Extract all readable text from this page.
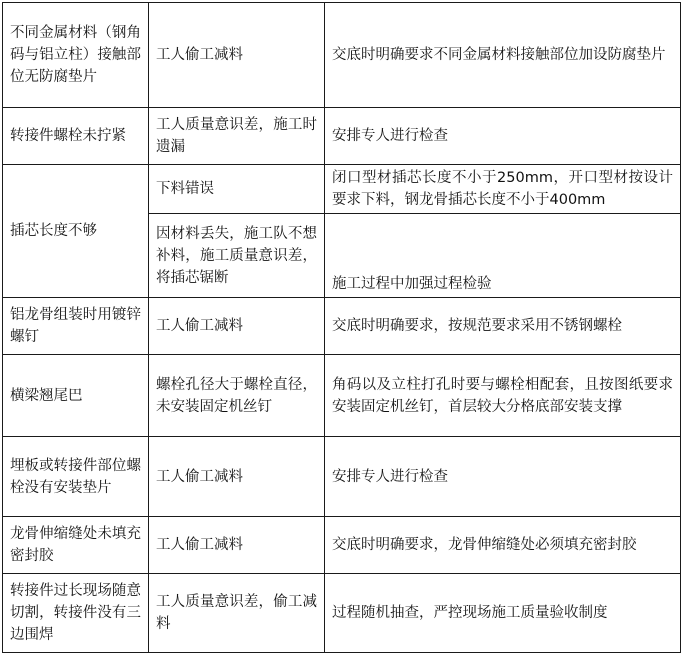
不同金属材料（钢角码与铝立柱）接触部位无防腐垫片	工人偷工减料	交底时明确要求不同金属材料接触部位加设防腐垫片
转接件螺栓未拧紧	工人质量意识差，施工时遗漏	安排专人进行检查
插芯长度不够	下料错误	闭口型材插芯长度不小于250mm，开口型材按设计要求下料，钢龙骨插芯长度不小于400mm
	因材料丢失，施工队不想补料，施工质量意识差，将插芯锯断	施工过程中加强过程检验
铝龙骨组装时用镀锌螺钉	工人偷工减料	交底时明确要求，按规范要求采用不锈钢螺栓
横梁翘尾巴	螺栓孔径大于螺栓直径，未安装固定机丝钉	角码以及立柱打孔时要与螺栓相配套，且按图纸要求安装固定机丝钉，首层较大分格底部安装支撑
埋板或转接件部位螺栓没有安装垫片	工人偷工减料	安排专人进行检查
龙骨伸缩缝处未填充密封胶	工人偷工减料	交底时明确要求，龙骨伸缩缝处必须填充密封胶
转接件过长现场随意切割，转接件没有三边围焊	工人质量意识差，偷工减料	过程随机抽查，严控现场施工质量验收制度
